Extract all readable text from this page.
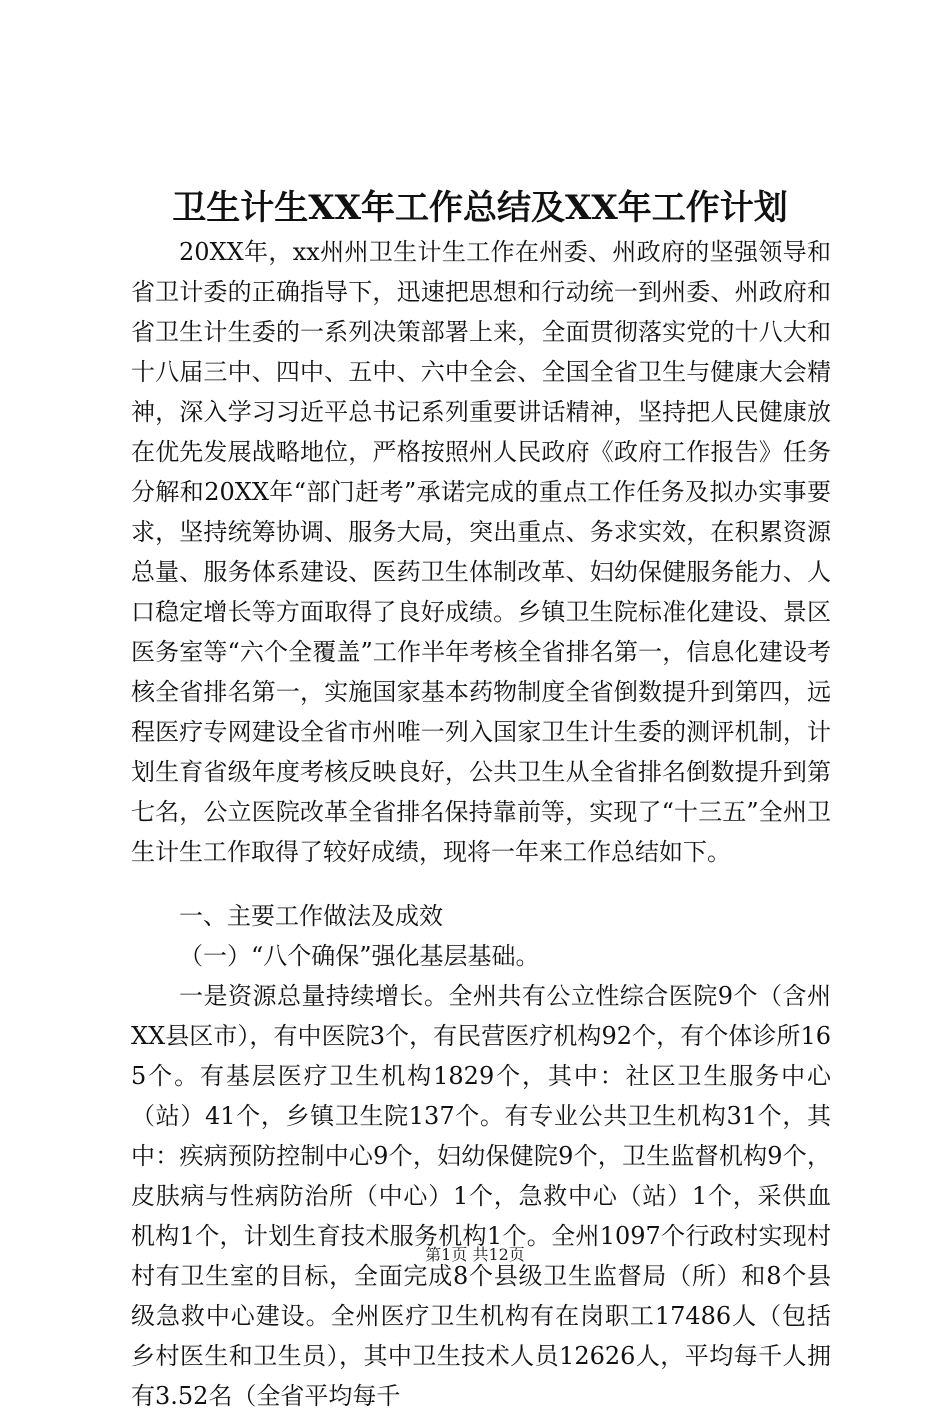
卫生计生XX年工作总结及XX年工作计划

20XX年，xx州州卫生计生工作在州委、州政府的坚强领导和省卫计委的正确指导下，迅速把思想和行动统一到州委、州政府和省卫生计生委的一系列决策部署上来，全面贯彻落实党的十八大和十八届三中、四中、五中、六中全会、全国全省卫生与健康大会精神，深入学习习近平总书记系列重要讲话精神，坚持把人民健康放在优先发展战略地位，严格按照州人民政府《政府工作报告》任务分解和20XX年“部门赶考”承诺完成的重点工作任务及拟办实事要求，坚持统筹协调、服务大局，突出重点、务求实效，在积累资源总量、服务体系建设、医药卫生体制改革、妇幼保健服务能力、人口稳定增长等方面取得了良好成绩。乡镇卫生院标准化建设、景区医务室等“六个全覆盖”工作半年考核全省排名第一，信息化建设考核全省排名第一，实施国家基本药物制度全省倒数提升到第四，远程医疗专网建设全省市州唯一列入国家卫生计生委的测评机制，计划生育省级年度考核反映良好，公共卫生从全省排名倒数提升到第七名，公立医院改革全省排名保持靠前等，实现了“十三五”全州卫生计生工作取得了较好成绩，现将一年来工作总结如下。

一、主要工作做法及成效

（一）“八个确保”强化基层基础。

一是资源总量持续增长。全州共有公立性综合医院9个（含州XX县区市），有中医院3个，有民营医疗机构92个，有个体诊所165个。有基层医疗卫生机构1829个，其中：社区卫生服务中心（站）41个，乡镇卫生院137个。有专业公共卫生机构31个，其中：疾病预防控制中心9个，妇幼保健院9个，卫生监督机构9个，皮肤病与性病防治所（中心）1个，急救中心（站）1个，采供血机构1个，计划生育技术服务机构1个。全州1097个行政村实现村村有卫生室的目标，全面完成8个县级卫生监督局（所）和8个县级急救中心建设。全州医疗卫生机构有在岗职工17486人（包括乡村医生和卫生员），其中卫生技术人员12626人，平均每千人拥有3.52名（全省平均每千

第1页 共12页
